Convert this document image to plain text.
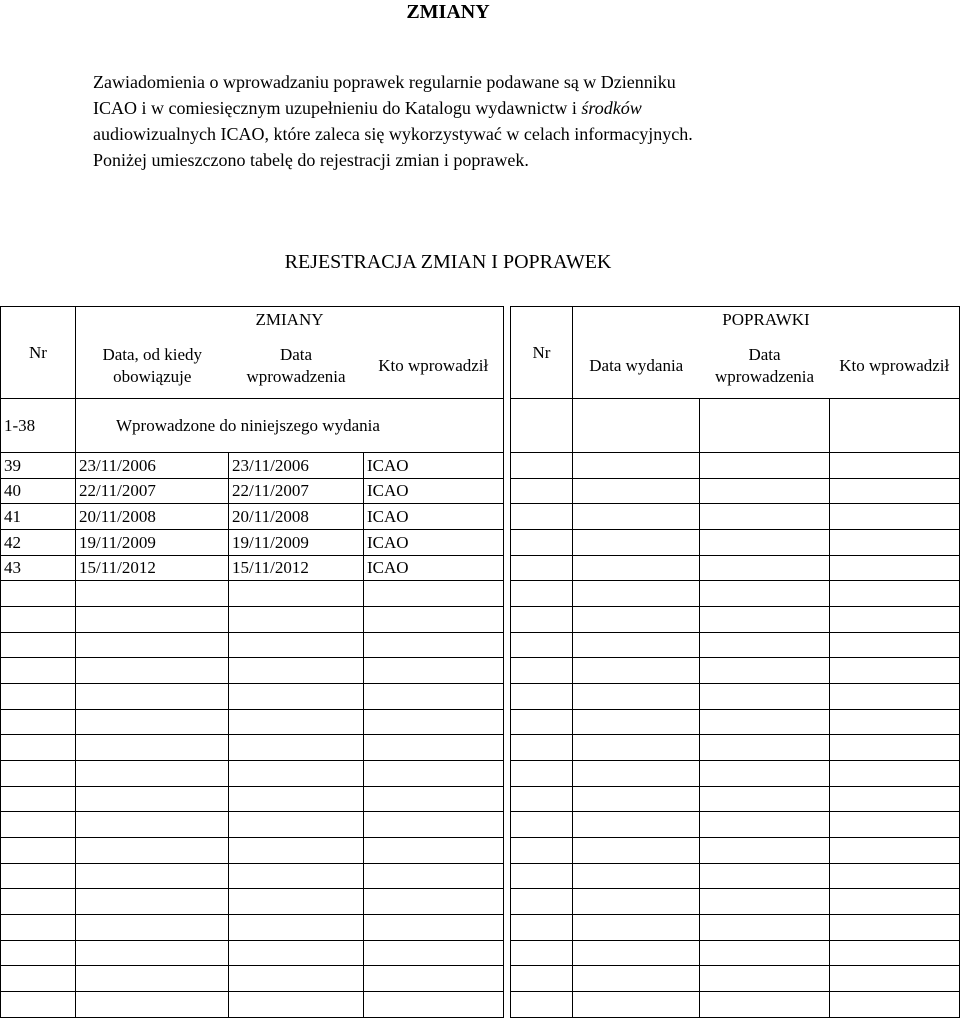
ZMIANY
Zawiadomienia o wprowadzaniu poprawek regularnie podawane są w Dzienniku
ICAO i w comiesięcznym uzupełnieniu do Katalogu wydawnictw i środków
audiowizualnych ICAO, które zaleca się wykorzystywać w celach informacyjnych.
Poniżej umieszczono tabelę do rejestracji zmian i poprawek.
REJESTRACJA ZMIAN I POPRAWEK
Nr	ZMIANY		
	Data, od kiedy obowiązuje	Data wprowadzenia	Kto wprowadził
1-38	Wprowadzone do niniejszego wydania		
39	23/11/2006	23/11/2006	ICAO
40	22/11/2007	22/11/2007	ICAO
41	20/11/2008	20/11/2008	ICAO
42	19/11/2009	19/11/2009	ICAO
43	15/11/2012	15/11/2012	ICAO

Nr	POPRAWKI		
	Data wydania	Data wprowadzenia	Kto wprowadził
